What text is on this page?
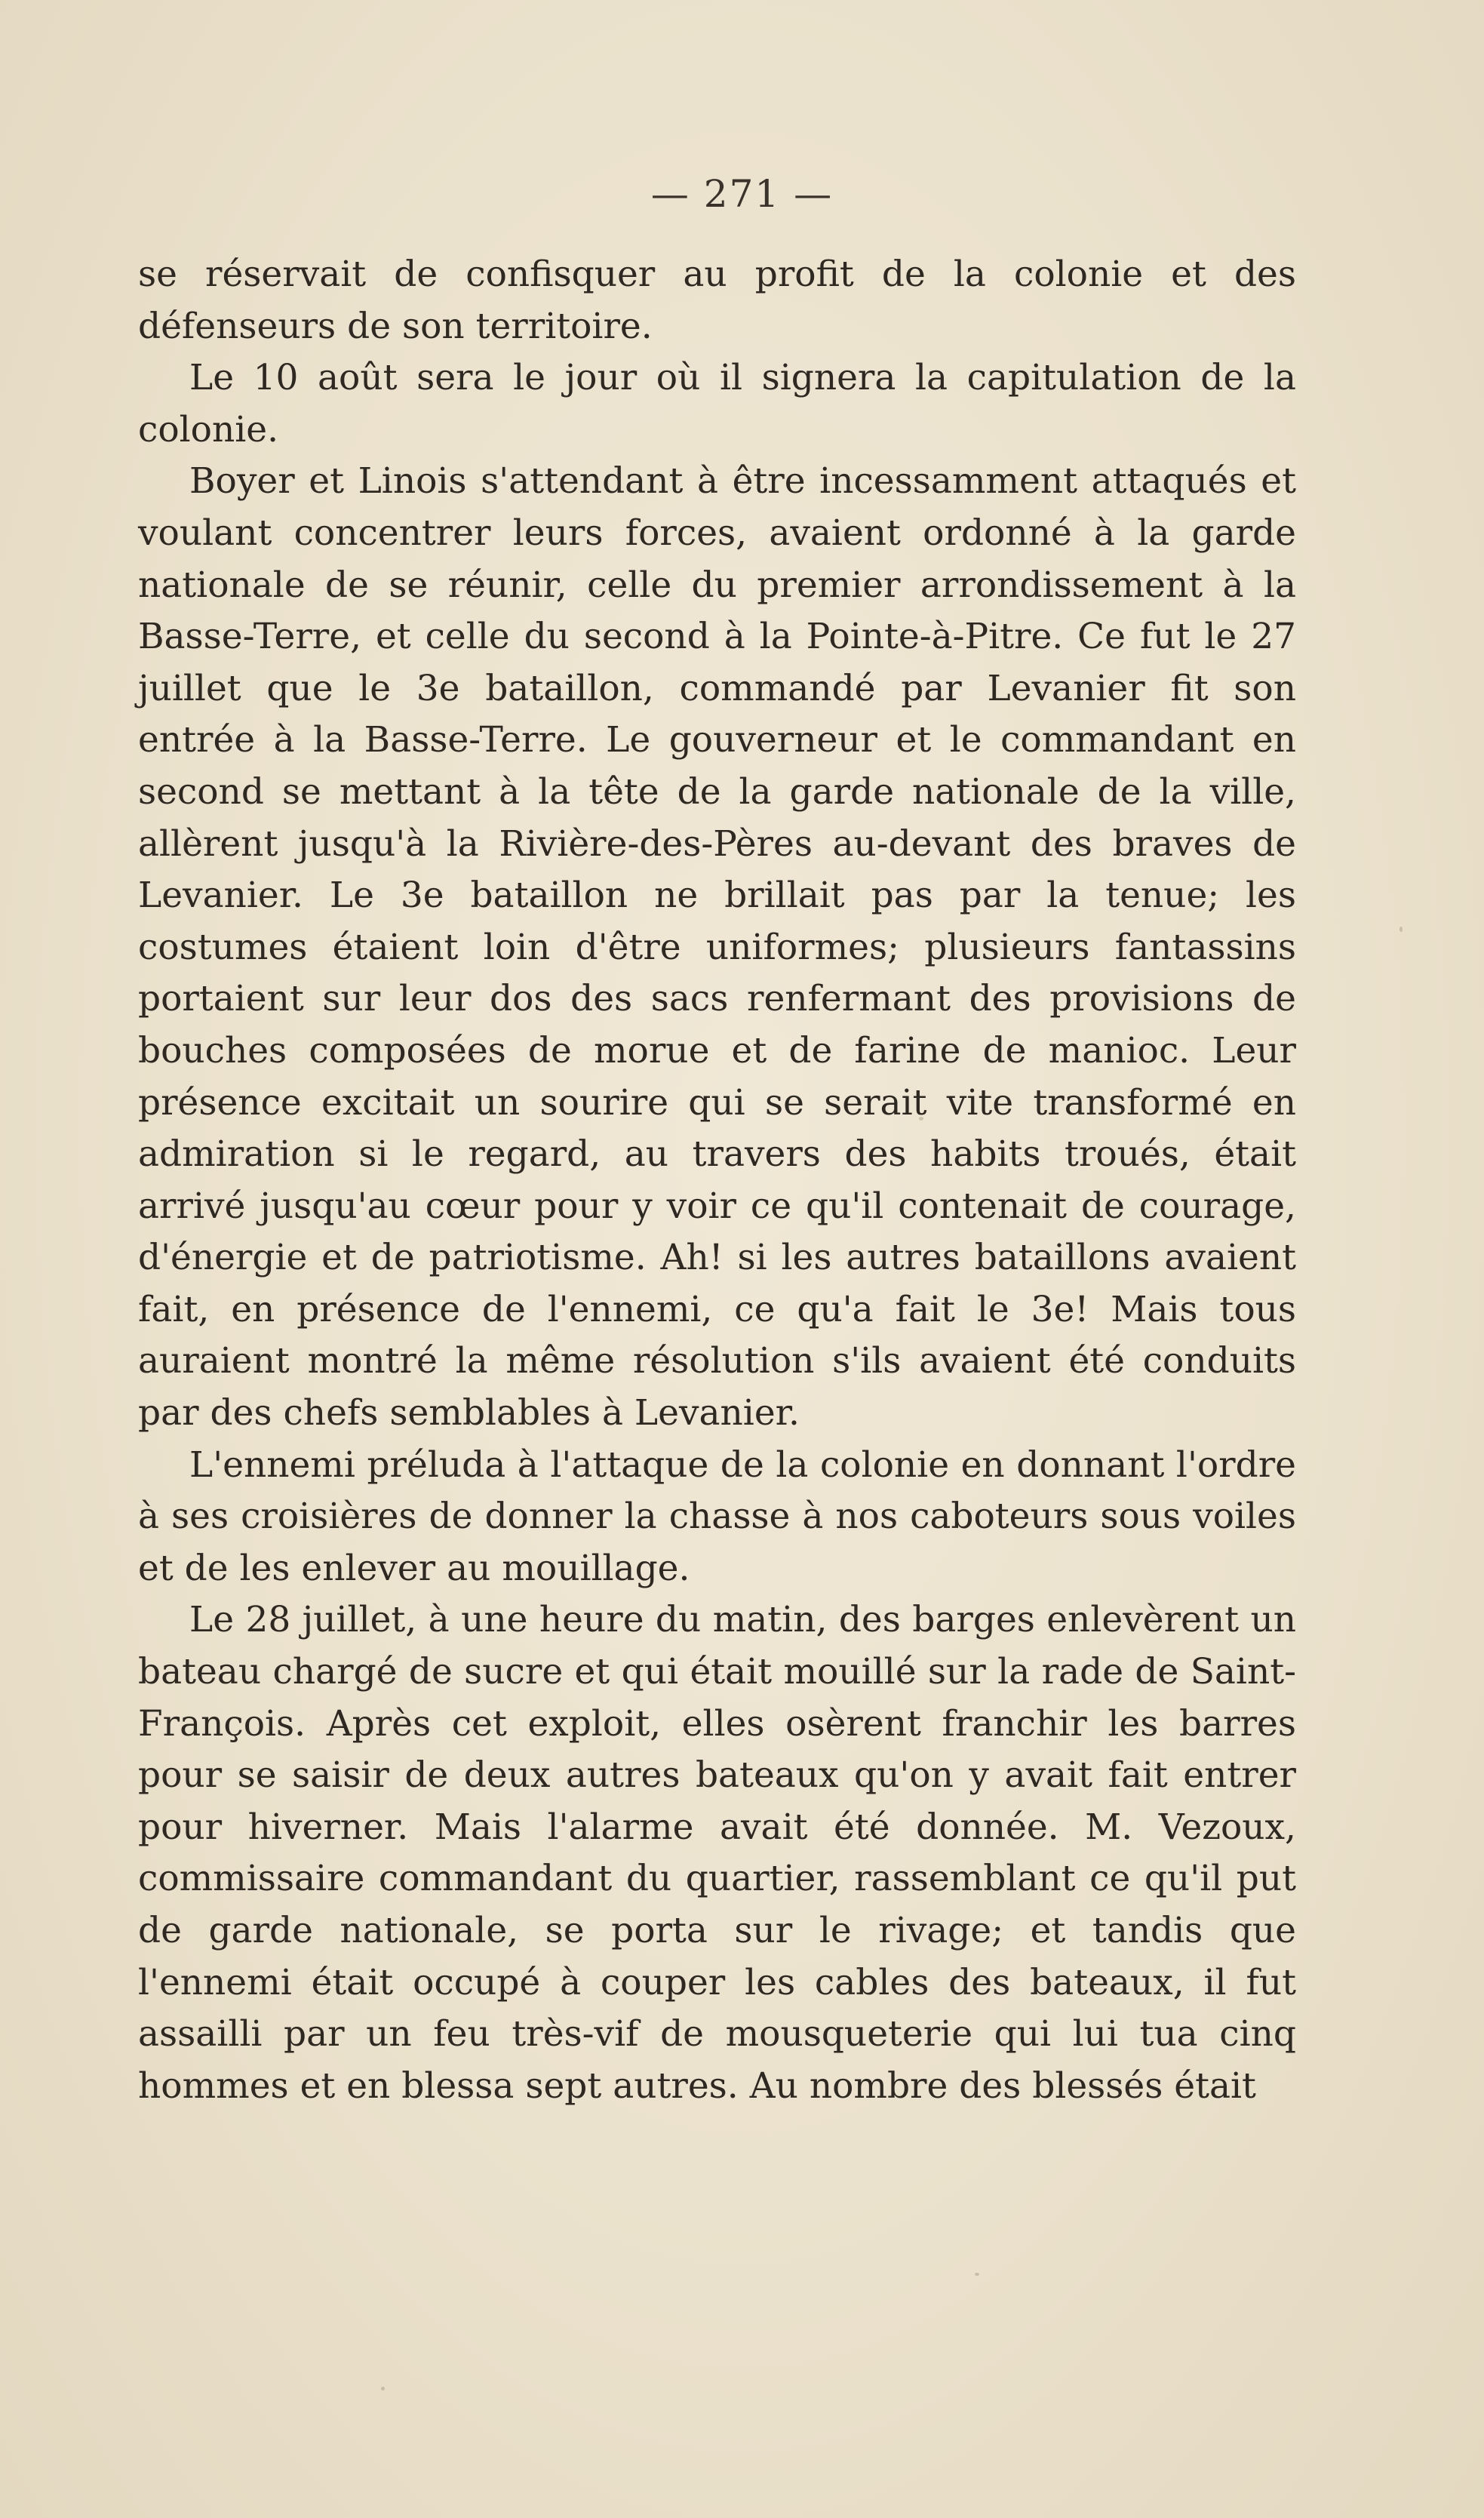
— 271 —

se réservait de confisquer au profit de la colonie et des défenseurs de son territoire.

Le 10 août sera le jour où il signera la capitulation de la colonie.

Boyer et Linois s'attendant à être incessamment attaqués et voulant concentrer leurs forces, avaient ordonné à la garde nationale de se réunir, celle du premier arrondissement à la Basse-Terre, et celle du second à la Pointe-à-Pitre. Ce fut le 27 juillet que le 3e bataillon, commandé par Levanier fit son entrée à la Basse-Terre. Le gouverneur et le commandant en second se mettant à la tête de la garde nationale de la ville, allèrent jusqu'à la Rivière-des-Pères au-devant des braves de Levanier. Le 3e bataillon ne brillait pas par la tenue; les costumes étaient loin d'être uniformes; plusieurs fantassins portaient sur leur dos des sacs renfermant des provisions de bouches composées de morue et de farine de manioc. Leur présence excitait un sourire qui se serait vite transformé en admiration si le regard, au travers des habits troués, était arrivé jusqu'au cœur pour y voir ce qu'il contenait de courage, d'énergie et de patriotisme. Ah! si les autres bataillons avaient fait, en présence de l'ennemi, ce qu'a fait le 3e! Mais tous auraient montré la même résolution s'ils avaient été conduits par des chefs semblables à Levanier.

L'ennemi préluda à l'attaque de la colonie en donnant l'ordre à ses croisières de donner la chasse à nos caboteurs sous voiles et de les enlever au mouillage.

Le 28 juillet, à une heure du matin, des barges enlevèrent un bateau chargé de sucre et qui était mouillé sur la rade de Saint-François. Après cet exploit, elles osèrent franchir les barres pour se saisir de deux autres bateaux qu'on y avait fait entrer pour hiverner. Mais l'alarme avait été donnée. M. Vezoux, commissaire commandant du quartier, rassemblant ce qu'il put de garde nationale, se porta sur le rivage; et tandis que l'ennemi était occupé à couper les cables des bateaux, il fut assailli par un feu très-vif de mousqueterie qui lui tua cinq hommes et en blessa sept autres. Au nombre des blessés était
